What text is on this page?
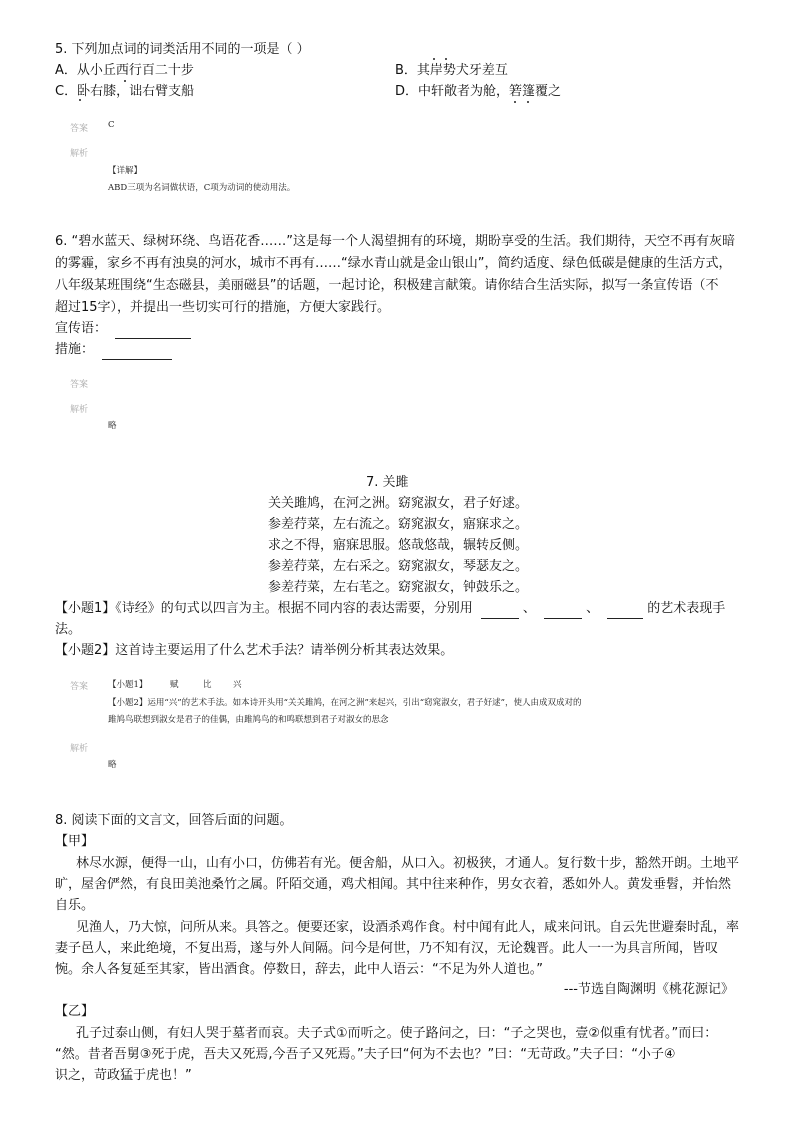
5. 下列加点词的词类活用不同的一项是（ ）
A．从小丘西行百二十步	B．其岸势犬牙差互
C．卧右膝，诎右臂支船	D．中轩敞者为舱，箬篷覆之
答案 C
解析
【详解】
ABD三项为名词做状语，C项为动词的使动用法。
6. “碧水蓝天、绿树环绕、鸟语花香……”这是每一个人渴望拥有的环境，期盼享受的生活。我们期待，天空不再有灰暗
的雾霾，家乡不再有浊臭的河水，城市不再有……“绿水青山就是金山银山”，简约适度、绿色低碳是健康的生活方式，
八年级某班围绕“生态磁县，美丽磁县”的话题，一起讨论，积极建言献策。请你结合生活实际，拟写一条宣传语（不
超过15字），并提出一些切实可行的措施，方便大家践行。
宣传语：
措施：
答案
解析
略
7. 关雎
关关雎鸠，在河之洲。窈窕淑女，君子好逑。
参差荇菜，左右流之。窈窕淑女，寤寐求之。
求之不得，寤寐思服。悠哉悠哉，辗转反侧。
参差荇菜，左右采之。窈窕淑女，琴瑟友之。
参差荇菜，左右芼之。窈窕淑女，钟鼓乐之。
【小题1】《诗经》的句式以四言为主。根据不同内容的表达需要，分别用	、	、	的艺术表现手
法。
【小题2】这首诗主要运用了什么艺术手法？请举例分析其表达效果。
答案 【小题1】	赋	比	兴
【小题2】运用“兴”的艺术手法。如本诗开头用“关关雎鸠，在河之洲”来起兴，引出“窈窕淑女，君子好逑”，使人由成双成对的
雎鸠鸟联想到淑女是君子的佳偶，由雎鸠鸟的和鸣联想到君子对淑女的思念
解析
略
8. 阅读下面的文言文，回答后面的问题。
【甲】
林尽水源，便得一山，山有小口，仿佛若有光。便舍船，从口入。初极狭，才通人。复行数十步，豁然开朗。土地平
旷，屋舍俨然，有良田美池桑竹之属。阡陌交通，鸡犬相闻。其中往来种作，男女衣着，悉如外人。黄发垂髫，并怡然
自乐。
见渔人，乃大惊，问所从来。具答之。便要还家，设酒杀鸡作食。村中闻有此人，咸来问讯。自云先世避秦时乱，率
妻子邑人，来此绝境，不复出焉，遂与外人间隔。问今是何世，乃不知有汉，无论魏晋。此人一一为具言所闻，皆叹
惋。余人各复延至其家，皆出酒食。停数日，辞去，此中人语云：“不足为外人道也。”
---节选自陶渊明《桃花源记》
【乙】
孔子过泰山侧，有妇人哭于墓者而哀。夫子式①而听之。使子路问之，曰：“子之哭也，壹②似重有忧者。”而曰：
“然。昔者吾舅③死于虎，吾夫又死焉,今吾子又死焉。”夫子曰“何为不去也？”曰：“无苛政。”夫子曰：“小子④
识之，苛政猛于虎也！”
